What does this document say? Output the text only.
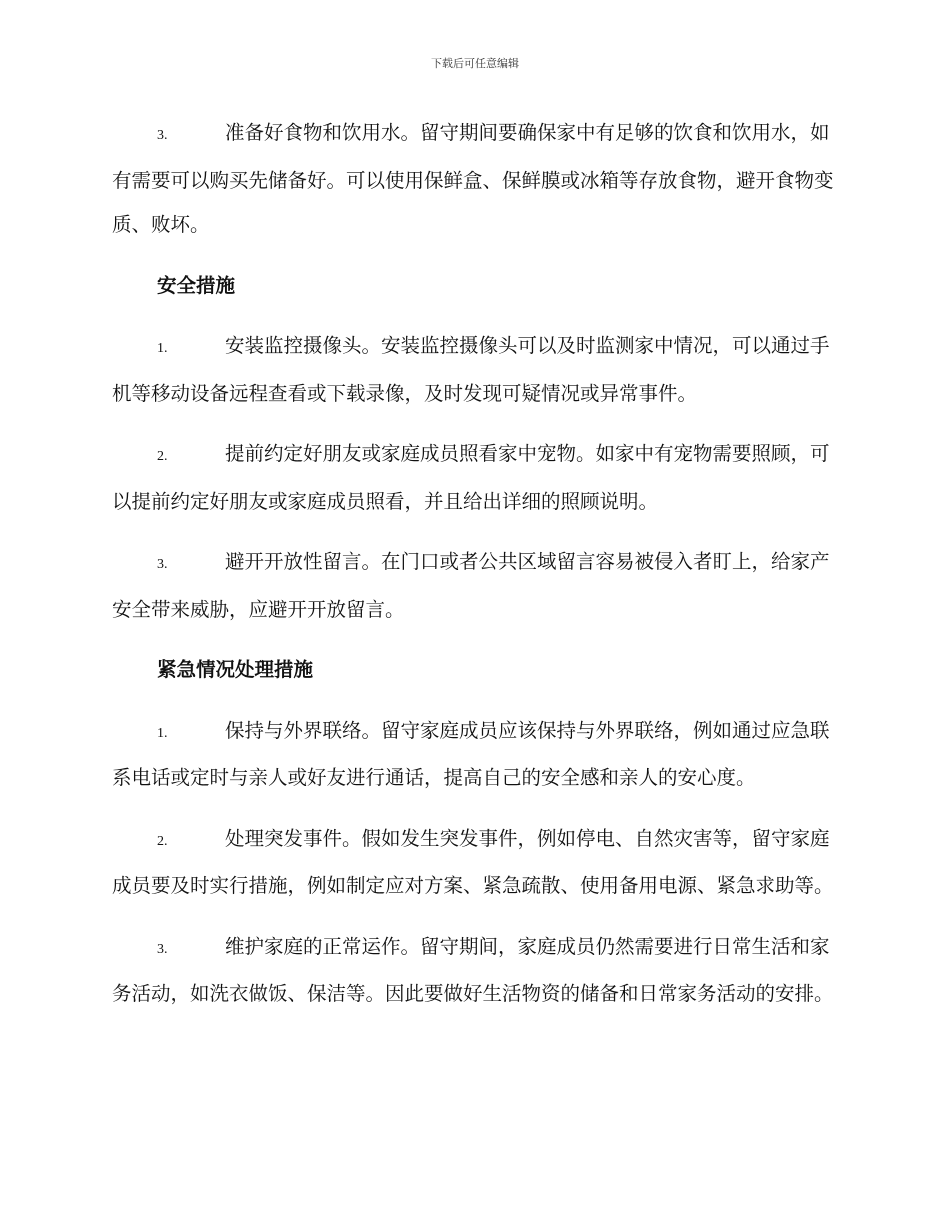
下载后可任意编辑

3.	准备好食物和饮用水。留守期间要确保家中有足够的饮食和饮用水，如有需要可以购买先储备好。可以使用保鲜盒、保鲜膜或冰箱等存放食物，避开食物变质、败坏。

安全措施

1.	安装监控摄像头。安装监控摄像头可以及时监测家中情况，可以通过手机等移动设备远程查看或下载录像，及时发现可疑情况或异常事件。

2.	提前约定好朋友或家庭成员照看家中宠物。如家中有宠物需要照顾，可以提前约定好朋友或家庭成员照看，并且给出详细的照顾说明。

3.	避开开放性留言。在门口或者公共区域留言容易被侵入者盯上，给家产安全带来威胁，应避开开放留言。

紧急情况处理措施

1.	保持与外界联络。留守家庭成员应该保持与外界联络，例如通过应急联系电话或定时与亲人或好友进行通话，提高自己的安全感和亲人的安心度。

2.	处理突发事件。假如发生突发事件，例如停电、自然灾害等，留守家庭成员要及时实行措施，例如制定应对方案、紧急疏散、使用备用电源、紧急求助等。

3.	维护家庭的正常运作。留守期间，家庭成员仍然需要进行日常生活和家务活动，如洗衣做饭、保洁等。因此要做好生活物资的储备和日常家务活动的安排。
